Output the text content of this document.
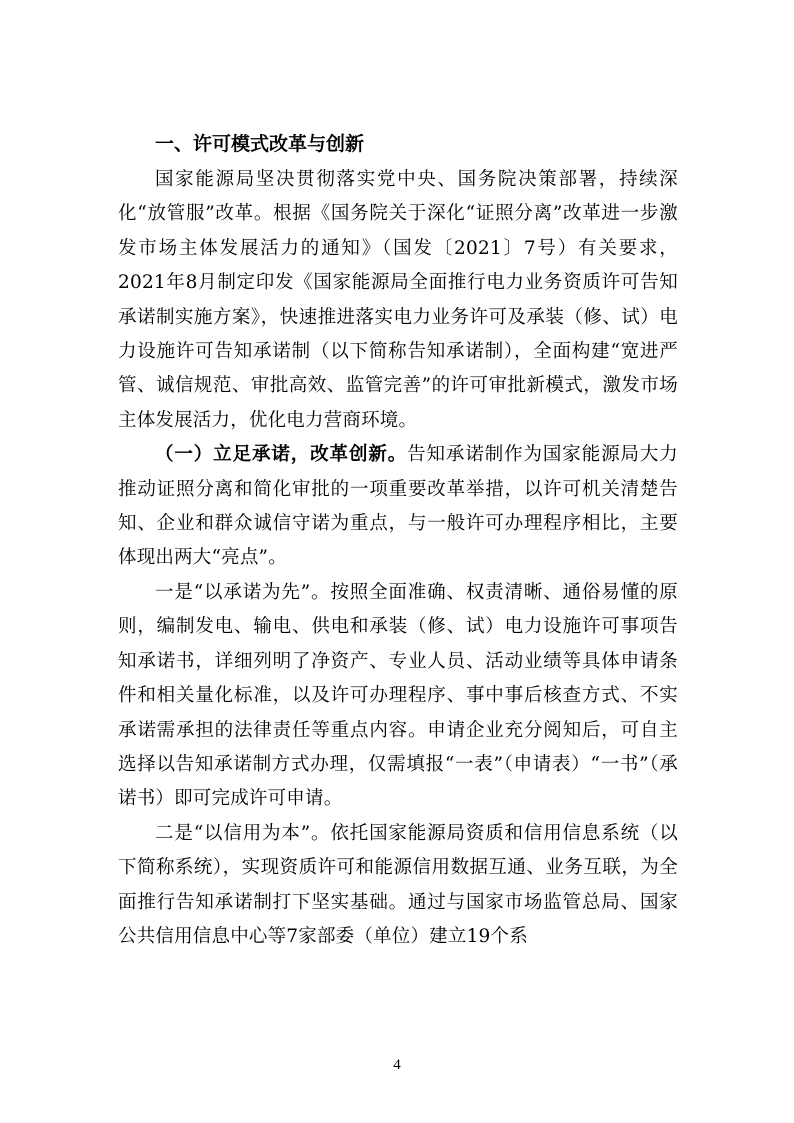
一、许可模式改革与创新

国家能源局坚决贯彻落实党中央、国务院决策部署，持续深化“放管服”改革。根据《国务院关于深化“证照分离”改革进一步激发市场主体发展活力的通知》（国发〔2021〕7号）有关要求，2021年8月制定印发《国家能源局全面推行电力业务资质许可告知承诺制实施方案》，快速推进落实电力业务许可及承装（修、试）电力设施许可告知承诺制（以下简称告知承诺制），全面构建“宽进严管、诚信规范、审批高效、监管完善”的许可审批新模式，激发市场主体发展活力，优化电力营商环境。

（一）立足承诺，改革创新。告知承诺制作为国家能源局大力推动证照分离和简化审批的一项重要改革举措，以许可机关清楚告知、企业和群众诚信守诺为重点，与一般许可办理程序相比，主要体现出两大“亮点”。

一是“以承诺为先”。按照全面准确、权责清晰、通俗易懂的原则，编制发电、输电、供电和承装（修、试）电力设施许可事项告知承诺书，详细列明了净资产、专业人员、活动业绩等具体申请条件和相关量化标准，以及许可办理程序、事中事后核查方式、不实承诺需承担的法律责任等重点内容。申请企业充分阅知后，可自主选择以告知承诺制方式办理，仅需填报“一表”（申请表）“一书”（承诺书）即可完成许可申请。

二是“以信用为本”。依托国家能源局资质和信用信息系统（以下简称系统），实现资质许可和能源信用数据互通、业务互联，为全面推行告知承诺制打下坚实基础。通过与国家市场监管总局、国家公共信用信息中心等7家部委（单位）建立19个系

4
